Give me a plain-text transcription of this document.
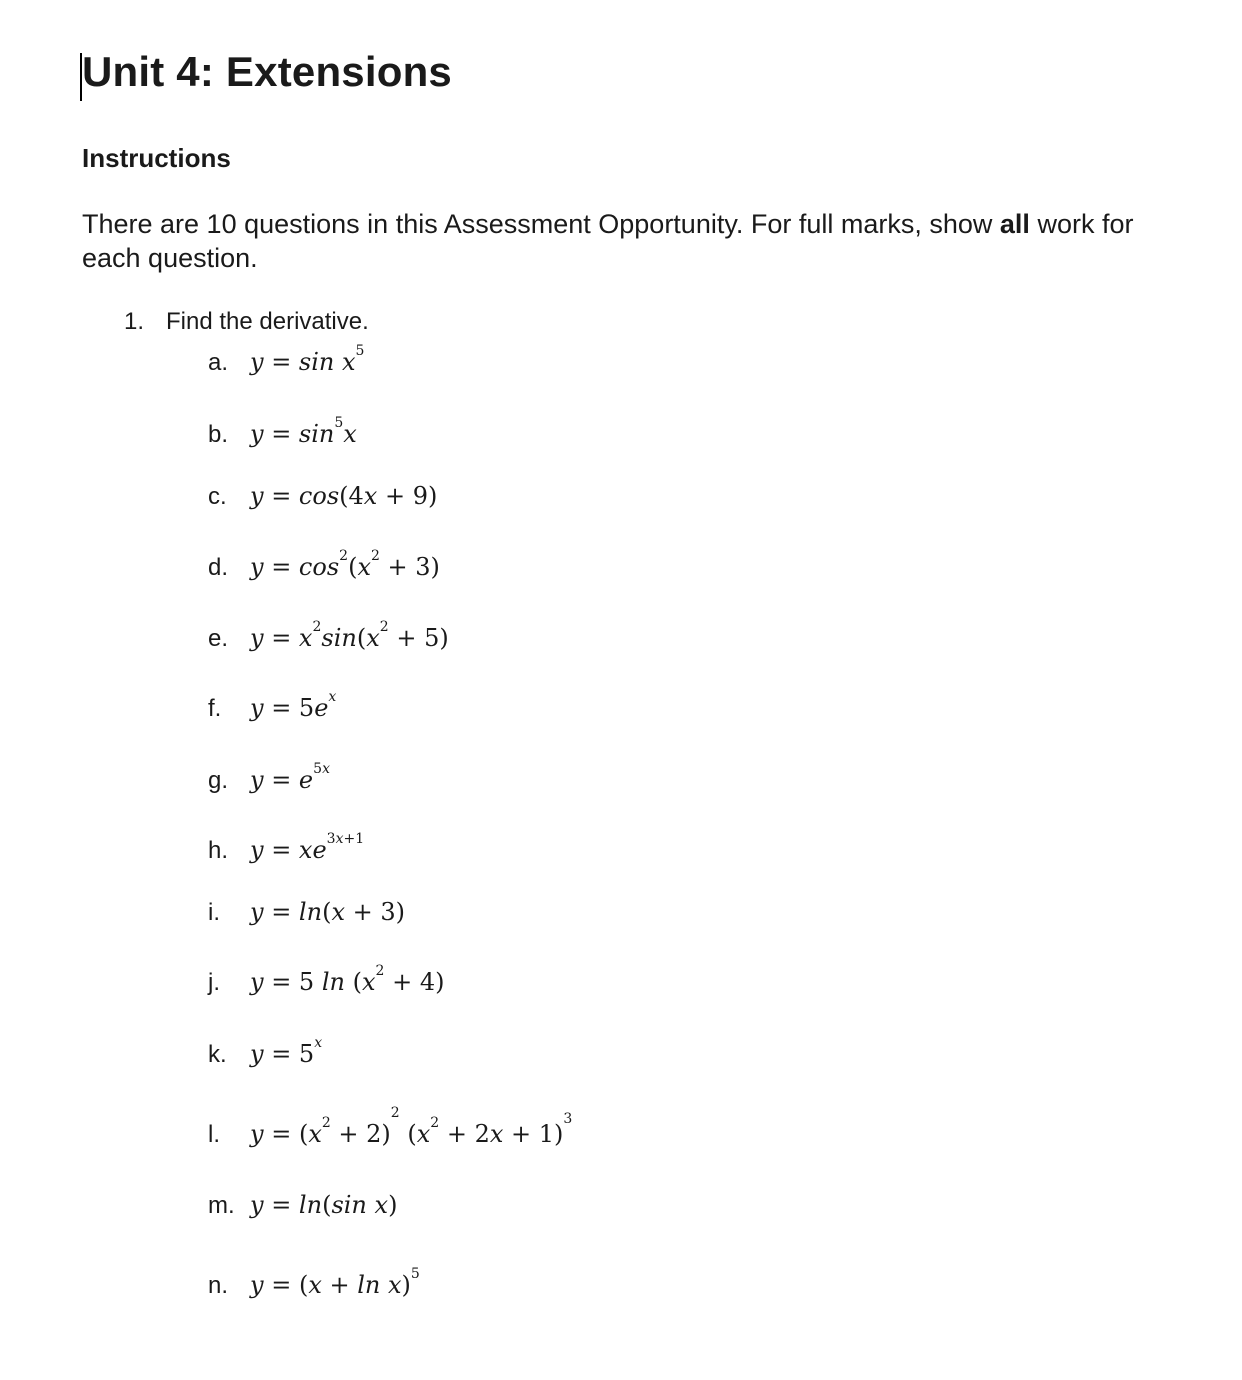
Unit 4: Extensions
Instructions

There are 10 questions in this Assessment Opportunity. For full marks, show all work for each question.

1. Find the derivative.
a. $y = \sin x^5$
b. $y = \sin^5x$
c. y = cos(4x + 9)
d. $y = \cos^2(x^2 + 3)$
e. $y = x^2\sin(x^2 + 5)$
f. $y = 5e^x$
g. $y = e^{5x}$
h. $y = xe^{3x+1}$
i. y = ln(x + 3)
j. y = 5 $\ln (x^2 + 4)$
k. $y = 5^x$
l. $y = (x^2 + 2)^2$ $(x^2 + 2x + 1)^3$
m. y = ln(sin x)
n. $y = (x + \ln x)^5$
